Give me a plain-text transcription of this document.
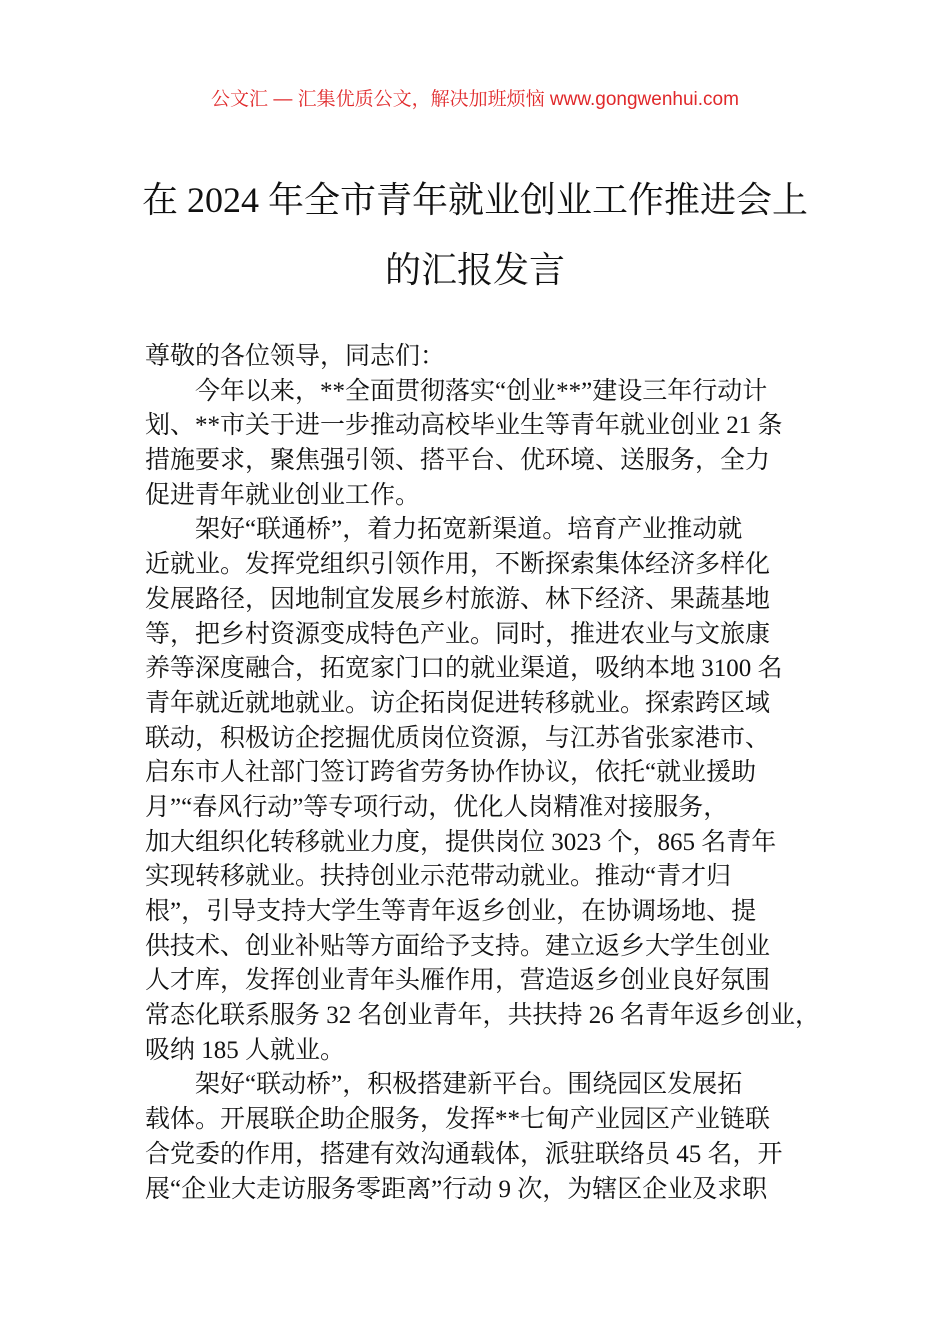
公文汇 — 汇集优质公文，解决加班烦恼 www.gongwenhui.com
在 2024 年全市青年就业创业工作推进会上
的汇报发言
尊敬的各位领导，同志们：
今年以来，**全面贯彻落实“创业**”建设三年行动计
划、**市关于进一步推动高校毕业生等青年就业创业 21 条
措施要求，聚焦强引领、搭平台、优环境、送服务，全力
促进青年就业创业工作。
架好“联通桥”，着力拓宽新渠道。培育产业推动就
近就业。发挥党组织引领作用，不断探索集体经济多样化
发展路径，因地制宜发展乡村旅游、林下经济、果蔬基地
等，把乡村资源变成特色产业。同时，推进农业与文旅康
养等深度融合，拓宽家门口的就业渠道，吸纳本地 3100 名
青年就近就地就业。访企拓岗促进转移就业。探索跨区域
联动，积极访企挖掘优质岗位资源，与江苏省张家港市、
启东市人社部门签订跨省劳务协作协议，依托“就业援助
月”“春风行动”等专项行动，优化人岗精准对接服务，
加大组织化转移就业力度，提供岗位 3023 个，865 名青年
实现转移就业。扶持创业示范带动就业。推动“青才归
根”，引导支持大学生等青年返乡创业，在协调场地、提
供技术、创业补贴等方面给予支持。建立返乡大学生创业
人才库，发挥创业青年头雁作用，营造返乡创业良好氛围
常态化联系服务 32 名创业青年，共扶持 26 名青年返乡创业，
吸纳 185 人就业。
架好“联动桥”，积极搭建新平台。围绕园区发展拓
载体。开展联企助企服务，发挥**七甸产业园区产业链联
合党委的作用，搭建有效沟通载体，派驻联络员 45 名，开
展“企业大走访服务零距离”行动 9 次，为辖区企业及求职
